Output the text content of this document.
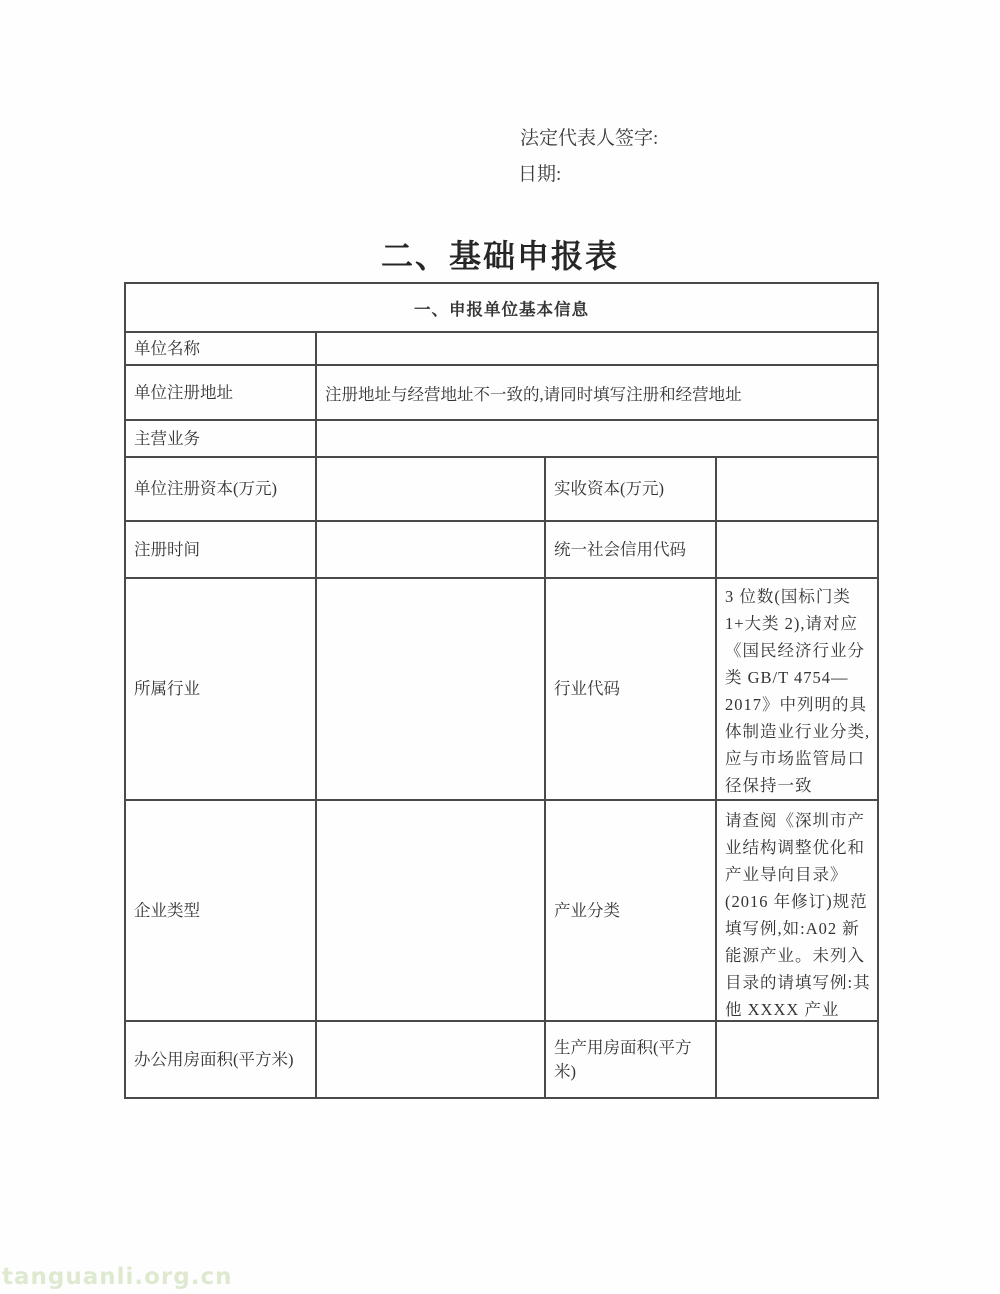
法定代表人签字:
日期:
二、基础申报表
一、申报单位基本信息			
单位名称			
单位注册地址	注册地址与经营地址不一致的,请同时填写注册和经营地址		
主营业务			
单位注册资本(万元)		实收资本(万元)	
注册时间		统一社会信用代码	
所属行业		行业代码	3 位数(国标门类 1+大类 2),请对应《国民经济行业分类 GB/T 4754—2017》中列明的具体制造业行业分类,应与市场监管局口径保持一致

企业类型		产业分类	请查阅《深圳市产业结构调整优化和产业导向目录》(2016 年修订)规范填写例,如:A02 新能源产业。未列入目录的请填写例:其他 XXXX 产业

办公用房面积(平方米)		生产用房面积(平方米)	
tanguanli.org.cn
